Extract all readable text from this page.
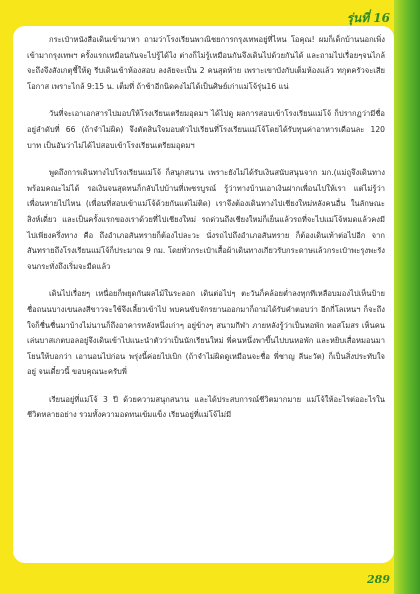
รุ่นที่ 16

กระเป๋าหนังสือเดินเข้ามาหา ถามว่าโรงเรียนพาณิชยการกรุงเทพอยู่ที่ไหน โอคุณ! ผมก็เด็กบ้านนอกเพิ่งเข้ามากรุงเทพฯ ครั้งแรกเหมือนกันจะไปรู้ได้ไง ต่างก็ไม่รู้เหมือนกันจึงเดินไปด้วยกันได้ และถามไปเรื่อยๆจนไกล้จะถึงจึงสังเกตุชี้ให้ดู รีบเดินเข้าห้องสอบ ลงลัยจะเป็น 2 คนสุดท้าย เพราะเขาบังกับเต็มห้องแล้ว ทกุตครัวจะเสียโอกาส เพราะไกล้ 9:15 น. เต็มที่ ถ้าช้าอีกนิดคงไม่ได้เป็นศิษย์เก่าแม่โจ้รุ่น16 แน่

วันที่จะเอาเอกสารไปมอบให้โรงเรียนเตรียมอุดมฯ ได้ไปดู ผลการสอบเข้าโรงเรียนแม่โจ้ ก็ปรากฏว่ามีชื่ออยู่ลำดับที่ 66 (ถ้าจำไม่ผิด) จึงตัดสินใจมอบตัวไปเรียนที่โรงเรียนแม่โจ้โดยได้รับทุนค่าอาหารเดือนละ 120 บาท เป็นอันว่าไม่ได้ไปสอบเข้าโรงเรียนเตรียมอุดมฯ

พูดถึงการเดินทางไปโรงเรียนแม่โจ้ ก็สนุกสนาน เพราะยังไม่ได้รับเงินสนับสนุนจาก มก.(แม่ถูจึงเดินทางพร้อมคณะไม่ได้ รอเงินจนสุดทนก็กลับไปบ้านที่เพชรบูรณ์ รู้ว่าทางบ้านเอาเงินฝากเพื่อนไปให้เรา แต่ไม่รู้ว่าเพื่อนหายไปไหน (เพื่อนที่สอบเข้าแม่โจ้ด้วยกันแต่ไม่ติด) เราจึงต้องเดินทางไปเชียงใหม่หลังคนอื่น ในลักษณะสิงห์เดี่ยว และเป็นครั้งแรกของเราด้วยที่ไปเชียงใหม่ รถด่วนถึงเชียงใหม่ก็เย็นแล้วรถที่จะไปแม่โจ้หมดแล้วคงมีไปเพียงครึ่งทาง คือ ถึงอำเภอสันทรายก็ต้องไปละวะ นั่งรถไปถึงอำเภอสันทราย ก็ต้องเดินเท้าต่อไปอีก จากสันทรายถึงโรงเรียนแม่โจ้ก็ประมาณ 9 กม. โดยทั่วกระเป๋าเสื้อผ้าเดินทางเกียวรับกระดาษแล้วกระเป๋าพะรุงพะรังจนกระทั่งถึงเริ่มจะมืดแล้ว

เดินไปเรื่อยๆ เหนื่อยก็พยุดกันผลไม้ในระลอก เดินต่อไปๆ ตะวันก็คล้อยต่ำลงทุกทีเหลือบมองไปเห็นป้ายชื่อถนนบางเขนลงสีขาวจะใช้จึงเลี้ยวเข้าไป พบคนขับจักรยานออกมาก็ถามได้รับคำตอบว่า อีกกี่โลเหนฯ ก็จะถึง ใจก็ชื่นชื่นมาบ้างไม่นานก็ถึงอาคารหลังหนึ่งเก่าๆ อยู่ข้างๆ สนามกีฬา ภายหลังรู้ว่าเป็นหอพัก หอสโมสร เห็นคนเล่นบาสเกตบอลอยู่จึงเดินเข้าไปแนะนำตัวว่าเป็นนักเรียนใหม่ พี่คนหนึ่งพาขึ้นไปบนหอพัก และหยิบเสื่อหมอนมาโยนให้บอกว่า เอานอนไปก่อน พรุ่งนี้ค่อยไปเบิก (ถ้าจำไม่ผิดดูเหมือนจะชื่อ พี่ชาญ ลีนะวัต) ก็เป็นสิ่งประทับใจอยู่ จนเดี๋ยวนี้ ขอบคุณนะครับพี่

เรียนอยู่ที่แม่โจ้ 3 ปี ด้วยความสนุกสนาน และได้ประสบการณ์ชีวิตมากมาย แม่โจ้ให้อะไรต่ออะไรในชีวิตหลายอย่าง รวมทั้งความอดทนเข้มแข็ง เรียนอยู่ที่แม่โจ้ไม่มี

289
